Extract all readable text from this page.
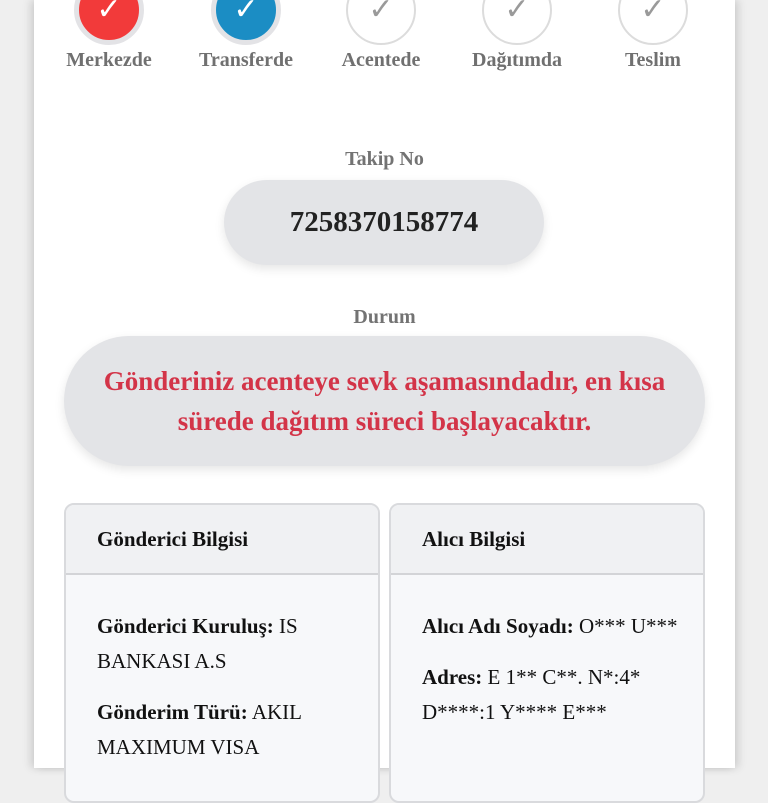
✓
Merkezde
✓
Transferde
✓
Acentede
✓
Dağıtımda
✓
Teslim
Takip No
7258370158774
Durum
Gönderiniz acenteye sevk aşamasındadır, en kısa sürede dağıtım süreci başlayacaktır.
Gönderici Bilgisi
Gönderici Kuruluş: IS BANKASI A.S
Gönderim Türü: AKIL MAXIMUM VISA
Alıcı Bilgisi
Alıcı Adı Soyadı: O*** U***
Adres: E 1** C**. N*:4* D****:1 Y**** E***
